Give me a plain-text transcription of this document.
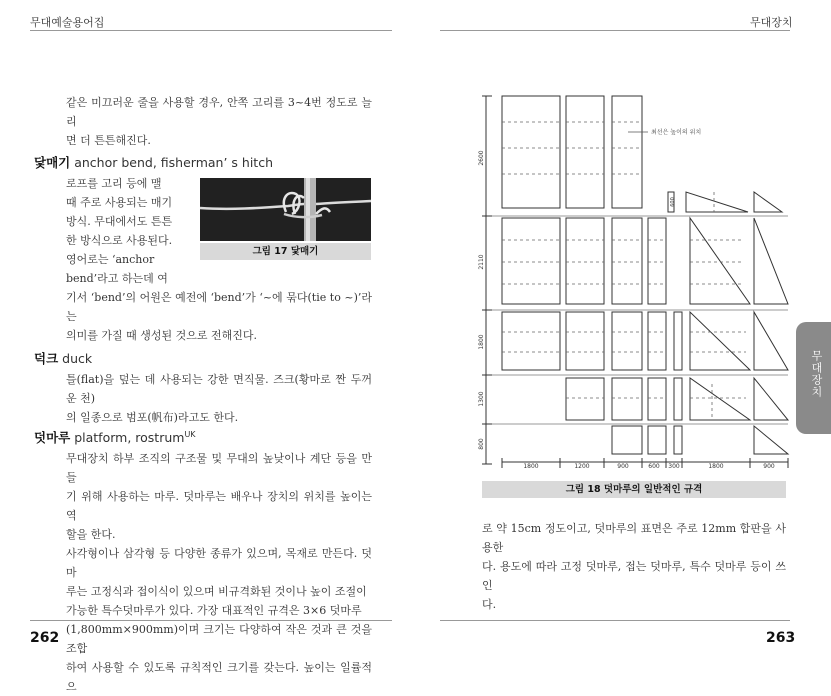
무대예술용어집	무대장치
같은 미끄러운 줄을 사용할 경우, 안쪽 고리를 3~4번 정도로 늘리
면 더 튼튼해진다.
닻매기 anchor bend, fisherman’ s hitch
로프를 고리 등에 맬
때 주로 사용되는 매기
방식. 무대에서도 튼튼
한 방식으로 사용된다.
영어로는 ‘anchor
bend’라고 하는데 여
그림 17 닻매기
기서 ‘bend’의 어원은 예전에 ‘bend’가 ‘~에 묶다(tie to ~)’라는
의미를 가질 때 생성된 것으로 전해진다.
덕크 duck
틀(flat)을 덮는 데 사용되는 강한 면직물. 즈크(황마로 짠 두꺼운 천)
의 일종으로 범포(帆布)라고도 한다.
덧마루 platform, rostrum$^{UK}$
무대장치 하부 조직의 구조물 및 무대의 높낮이나 계단 등을 만들
기 위해 사용하는 마루. 덧마루는 배우나 장치의 위치를 높이는 역
할을 한다.
사각형이나 삼각형 등 다양한 종류가 있으며, 목재로 만든다. 덧마
루는 고정식과 접이식이 있으며 비규격화된 것이나 높이 조절이
가능한 특수덧마루가 있다. 가장 대표적인 규격은 3×6 덧마루
(1,800mm×900mm)이며 크기는 다양하여 작은 것과 큰 것을 조합
하여 사용할 수 있도록 규칙적인 크기를 갖는다. 높이는 일률적으
262
최선은 높이의 위치
2600
2110
1800
1300
800
600
1800	1200	900	600 300	1800	900
그림 18 덧마루의 일반적인 규격
로 약 15cm 정도이고, 덧마루의 표면은 주로 12mm 합판을 사용한
다. 용도에 따라 고정 덧마루, 접는 덧마루, 특수 덧마루 등이 쓰인
다.
무대장치
263
